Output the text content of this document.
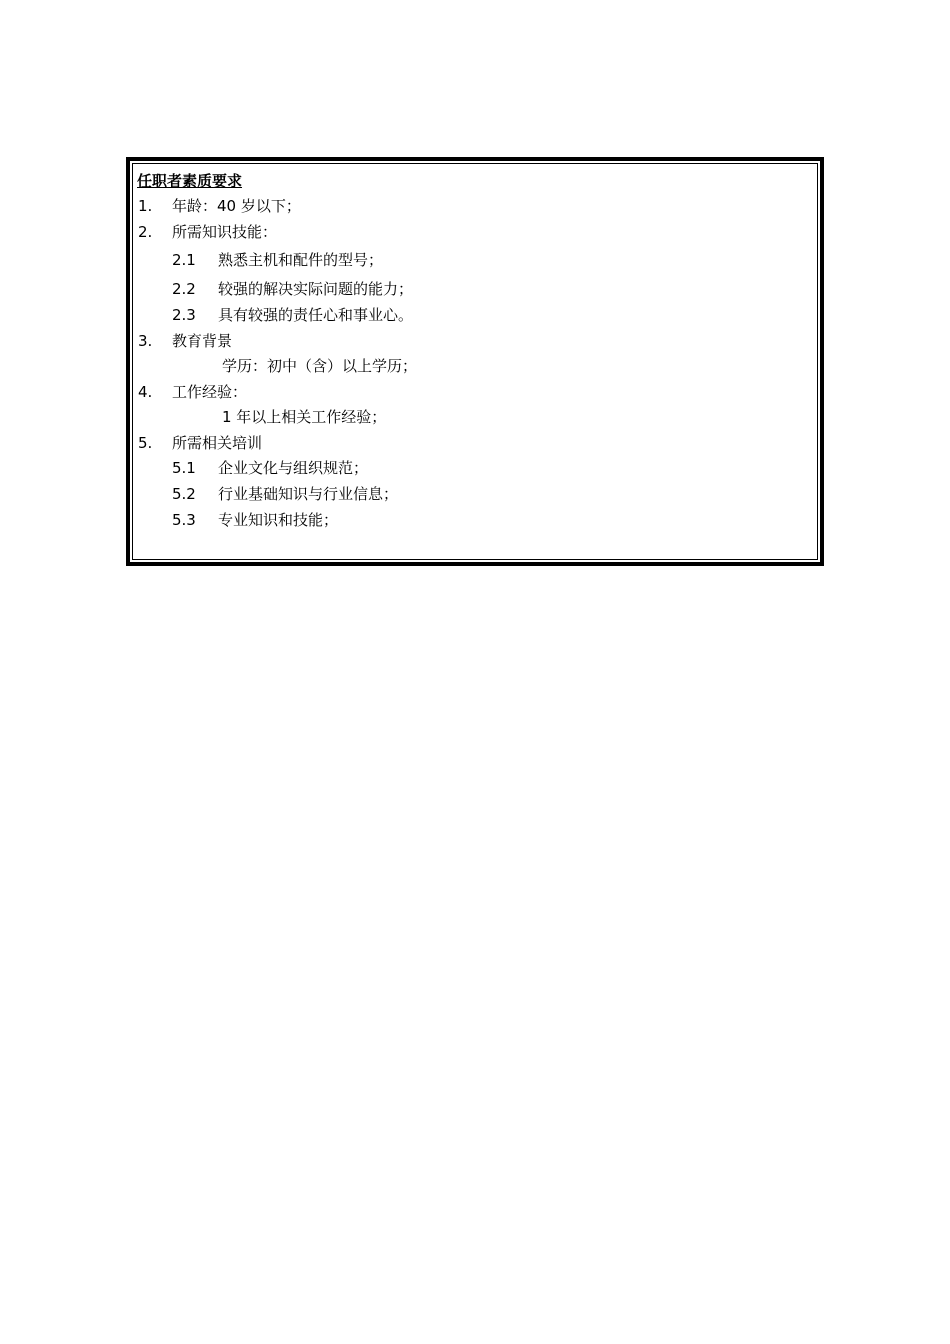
任职者素质要求
1. 年龄：40 岁以下；
2. 所需知识技能：
2.1 熟悉主机和配件的型号；
2.2 较强的解决实际问题的能力；
2.3 具有较强的责任心和事业心。
3. 教育背景
学历：初中（含）以上学历；
4. 工作经验：
1 年以上相关工作经验；
5. 所需相关培训
5.1 企业文化与组织规范；
5.2 行业基础知识与行业信息；
5.3 专业知识和技能；
